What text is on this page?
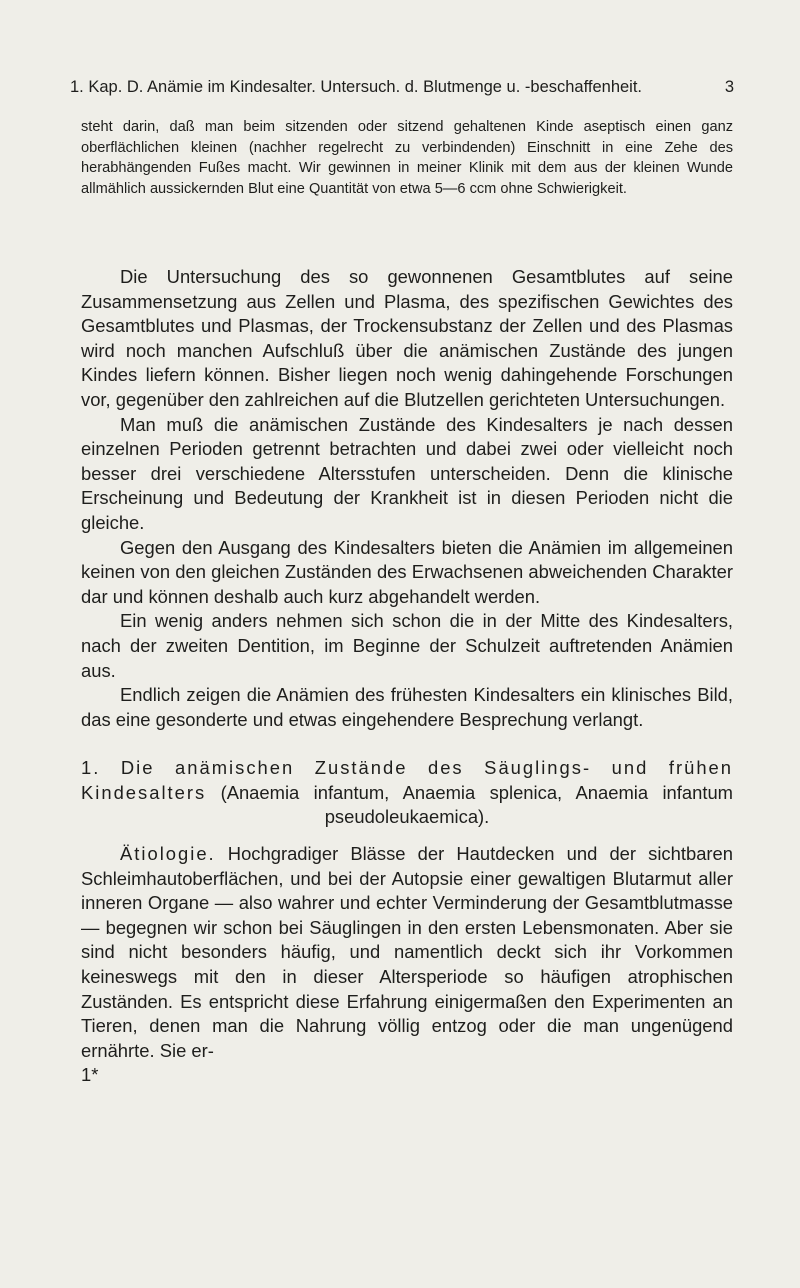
1. Kap. D. Anämie im Kindesalter. Untersuch. d. Blutmenge u. -beschaffenheit.	3

steht darin, daß man beim sitzenden oder sitzend gehaltenen Kinde aseptisch einen ganz oberflächlichen kleinen (nachher regelrecht zu verbindenden) Einschnitt in eine Zehe des herabhängenden Fußes macht. Wir gewinnen in meiner Klinik mit dem aus der kleinen Wunde allmählich aussickernden Blut eine Quantität von etwa 5—6 ccm ohne Schwierigkeit.

Die Untersuchung des so gewonnenen Gesamtblutes auf seine Zusammensetzung aus Zellen und Plasma, des spezifischen Gewichtes des Gesamtblutes und Plasmas, der Trockensubstanz der Zellen und des Plasmas wird noch manchen Aufschluß über die anämischen Zustände des jungen Kindes liefern können. Bisher liegen noch wenig dahingehende Forschungen vor, gegenüber den zahlreichen auf die Blutzellen gerichteten Untersuchungen.

Man muß die anämischen Zustände des Kindesalters je nach dessen einzelnen Perioden getrennt betrachten und dabei zwei oder vielleicht noch besser drei verschiedene Altersstufen unterscheiden. Denn die klinische Erscheinung und Bedeutung der Krankheit ist in diesen Perioden nicht die gleiche.

Gegen den Ausgang des Kindesalters bieten die Anämien im allgemeinen keinen von den gleichen Zuständen des Erwachsenen abweichenden Charakter dar und können deshalb auch kurz abgehandelt werden.

Ein wenig anders nehmen sich schon die in der Mitte des Kindesalters, nach der zweiten Dentition, im Beginne der Schulzeit auftretenden Anämien aus.

Endlich zeigen die Anämien des frühesten Kindesalters ein klinisches Bild, das eine gesonderte und etwas eingehendere Besprechung verlangt.

1. Die anämischen Zustände des Säuglings- und frühen Kindesalters (Anaemia infantum, Anaemia splenica, Anaemia infantum pseudoleukaemica).

Ätiologie. Hochgradiger Blässe der Hautdecken und der sichtbaren Schleimhautoberflächen, und bei der Autopsie einer gewaltigen Blutarmut aller inneren Organe — also wahrer und echter Verminderung der Gesamtblutmasse — begegnen wir schon bei Säuglingen in den ersten Lebensmonaten. Aber sie sind nicht besonders häufig, und namentlich deckt sich ihr Vorkommen keineswegs mit den in dieser Altersperiode so häufigen atrophischen Zuständen. Es entspricht diese Erfahrung einigermaßen den Experimenten an Tieren, denen man die Nahrung völlig entzog oder die man ungenügend ernährte. Sie er-

1*
